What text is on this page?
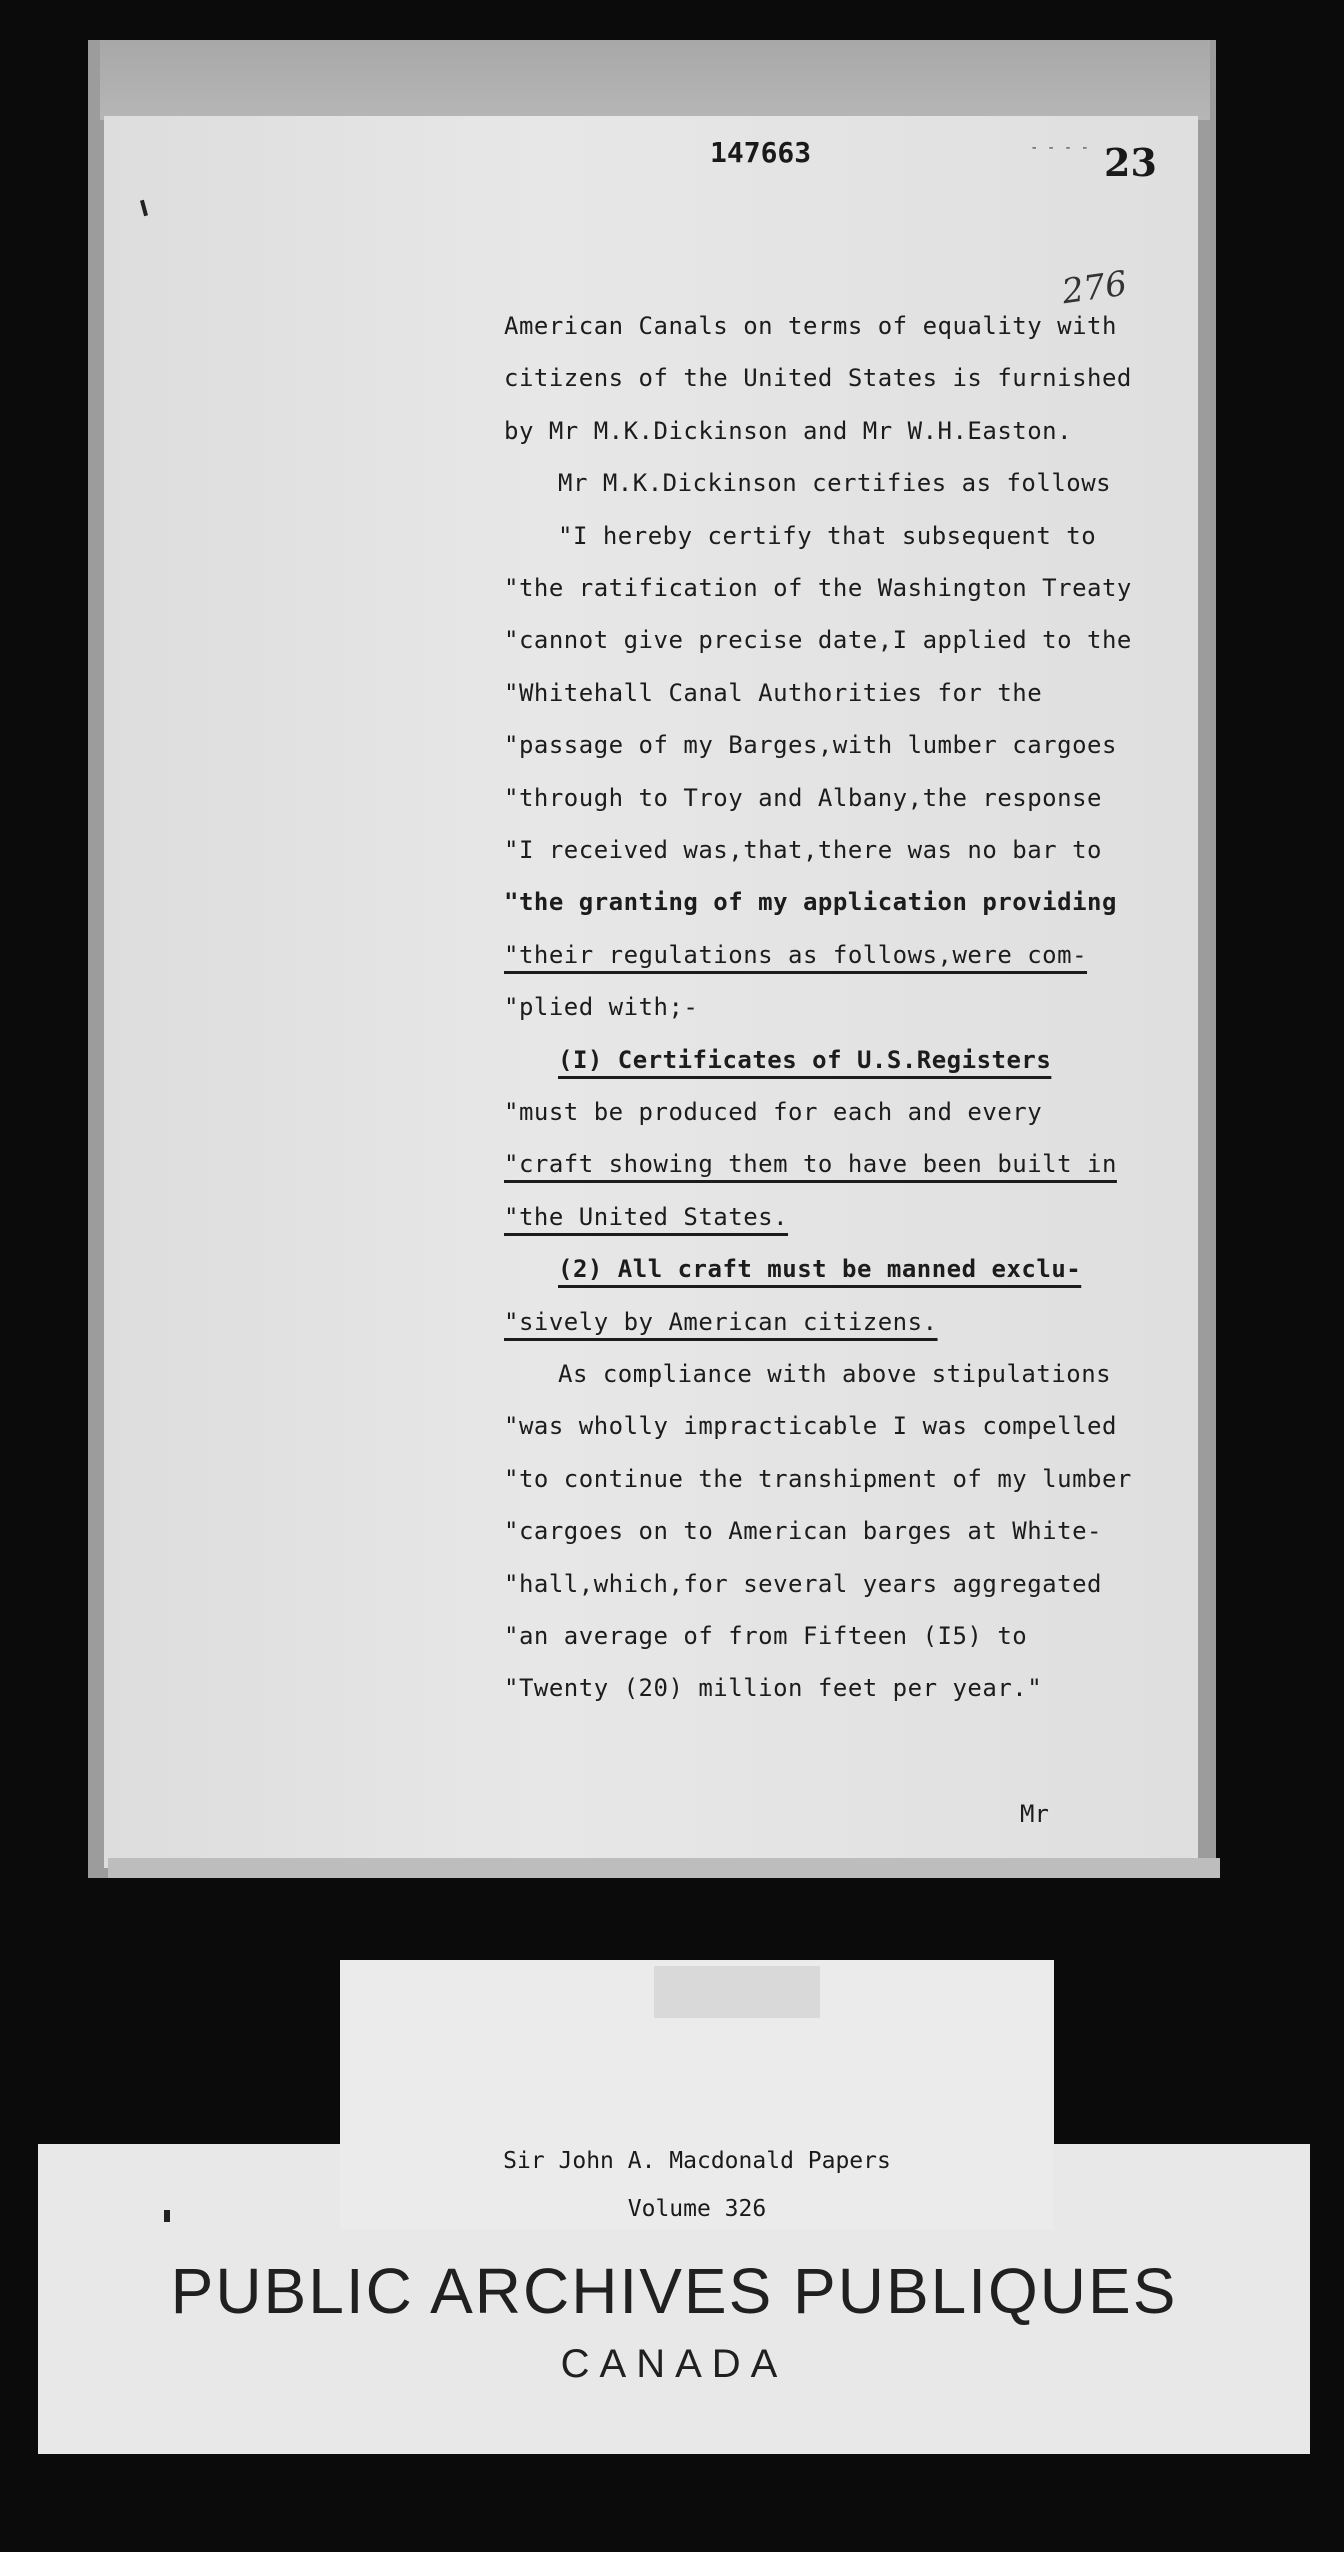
147663	- - - - 23
276
American Canals on terms of equality with
citizens of the United States is furnished
by Mr M.K.Dickinson and Mr W.H.Easton.
Mr M.K.Dickinson certifies as follows
"I hereby certify that subsequent to
"the ratification of the Washington Treaty
"cannot give precise date,I applied to the
"Whitehall Canal Authorities for the
"passage of my Barges,with lumber cargoes
"through to Troy and Albany,the response
"I received was,that,there was no bar to
"the granting of my application providing
"their regulations as follows,were com-
"plied with;-
(I) Certificates of U.S.Registers
"must be produced for each and every
"craft showing them to have been built in
"the United States.
(2) All craft must be manned exclu-
"sively by American citizens.
As compliance with above stipulations
"was wholly impracticable I was compelled
"to continue the transhipment of my lumber
"cargoes on to American barges at White-
"hall,which,for several years aggregated
"an average of from Fifteen (I5) to
"Twenty (20) million feet per year."
Mr
PUBLIC ARCHIVES PUBLIQUES
CANADA
Sir John A. Macdonald Papers
Volume 326
